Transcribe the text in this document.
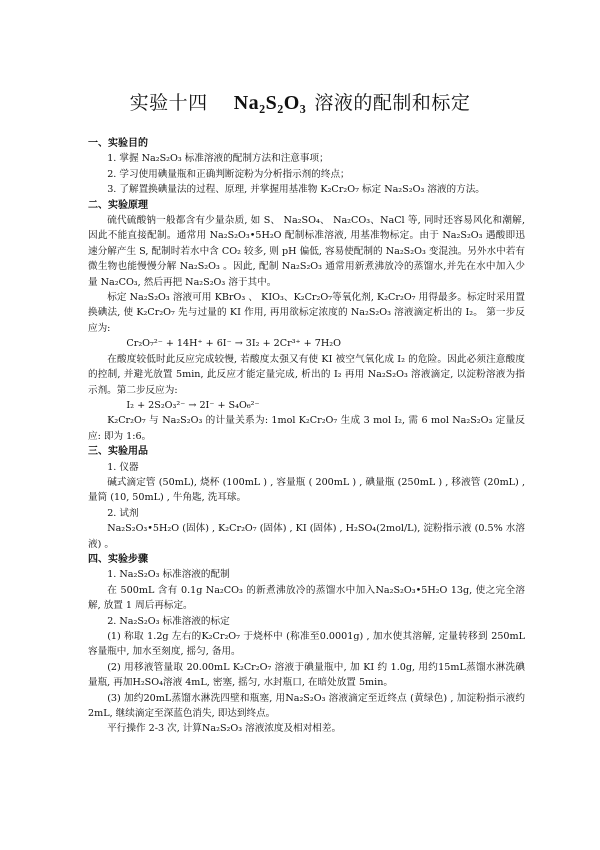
实验十四 Na₂S₂O₃ 溶液的配制和标定

一、实验目的

1. 掌握 Na₂S₂O₃ 标准溶液的配制方法和注意事项；

2. 学习使用碘量瓶和正确判断淀粉为分析指示剂的终点；

3. 了解置换碘量法的过程、原理, 并掌握用基准物 K₂Cr₂O₇ 标定 Na₂S₂O₃ 溶液的方法。

二、实验原理

硫代硫酸钠一般都含有少量杂质, 如 S、 Na₂SO₄、 Na₂CO₃、NaCl 等, 同时还容易风化和潮解, 因此不能直接配制。通常用 Na₂S₂O₃•5H₂O 配制标准溶液, 用基准物标定。由于 Na₂S₂O₃ 遇酸即迅速分解产生 S, 配制时若水中含 CO₂ 较多, 则 pH 偏低, 容易使配制的 Na₂S₂O₃ 变混浊。另外水中若有微生物也能慢慢分解 Na₂S₂O₃ 。因此, 配制 Na₂S₂O₃ 通常用新煮沸放冷的蒸馏水,并先在水中加入少量 Na₂CO₃, 然后再把 Na₂S₂O₃ 溶于其中。

标定 Na₂S₂O₃ 溶液可用 KBrO₃ 、 KIO₃、K₂Cr₂O₇等氧化剂, K₂Cr₂O₇ 用得最多。标定时采用置换碘法, 使 K₂Cr₂O₇ 先与过量的 KI 作用, 再用欲标定浓度的 Na₂S₂O₃ 溶液滴定析出的 I₂。 第一步反应为:

Cr₂O₇²⁻ + 14H⁺ + 6I⁻ → 3I₂ + 2Cr³⁺ + 7H₂O

在酸度较低时此反应完成较慢, 若酸度太强又有使 KI 被空气氧化成 I₂ 的危险。因此必须注意酸度的控制, 并避光放置 5min, 此反应才能定量完成, 析出的 I₂ 再用 Na₂S₂O₃ 溶液滴定, 以淀粉溶液为指示剂。第二步反应为:

I₂ + 2S₂O₃²⁻ → 2I⁻ + S₄O₆²⁻

K₂Cr₂O₇ 与 Na₂S₂O₃ 的计量关系为: 1mol K₂Cr₂O₇ 生成 3 mol I₂, 需 6 mol Na₂S₂O₃ 定量反应: 即为 1:6。

三、实验用品

1. 仪器

碱式滴定管 (50mL), 烧杯 (100mL ) , 容量瓶 ( 200mL ) , 碘量瓶 (250mL ) , 移液管 (20mL) , 量筒 (10, 50mL) , 牛角匙, 洗耳球。

2. 试剂

Na₂S₂O₃•5H₂O (固体) , K₂Cr₂O₇ (固体) , KI (固体) , H₂SO₄(2mol/L), 淀粉指示液 (0.5% 水溶液) 。

四、实验步骤

1. Na₂S₂O₃ 标准溶液的配制

在 500mL 含有 0.1g Na₂CO₃ 的新煮沸放冷的蒸馏水中加入Na₂S₂O₃•5H₂O 13g, 使之完全溶解, 放置 1 周后再标定。

2. Na₂S₂O₃ 标准溶液的标定

(1) 称取 1.2g 左右的K₂Cr₂O₇ 于烧杯中 (称准至0.0001g) , 加水使其溶解, 定量转移到 250mL 容量瓶中, 加水至刻度, 摇匀, 备用。

(2) 用移液管量取 20.00mL K₂Cr₂O₇ 溶液于碘量瓶中, 加 KI 约 1.0g, 用约15mL蒸馏水淋洗碘量瓶, 再加H₂SO₄溶液 4mL, 密塞, 摇匀, 水封瓶口, 在暗处放置 5min。

(3) 加约20mL蒸馏水淋洗四壁和瓶塞, 用Na₂S₂O₃ 溶液滴定至近终点 (黄绿色) , 加淀粉指示液约2mL, 继续滴定至深蓝色消失, 即达到终点。

平行操作 2-3 次, 计算Na₂S₂O₃ 溶液浓度及相对相差。
